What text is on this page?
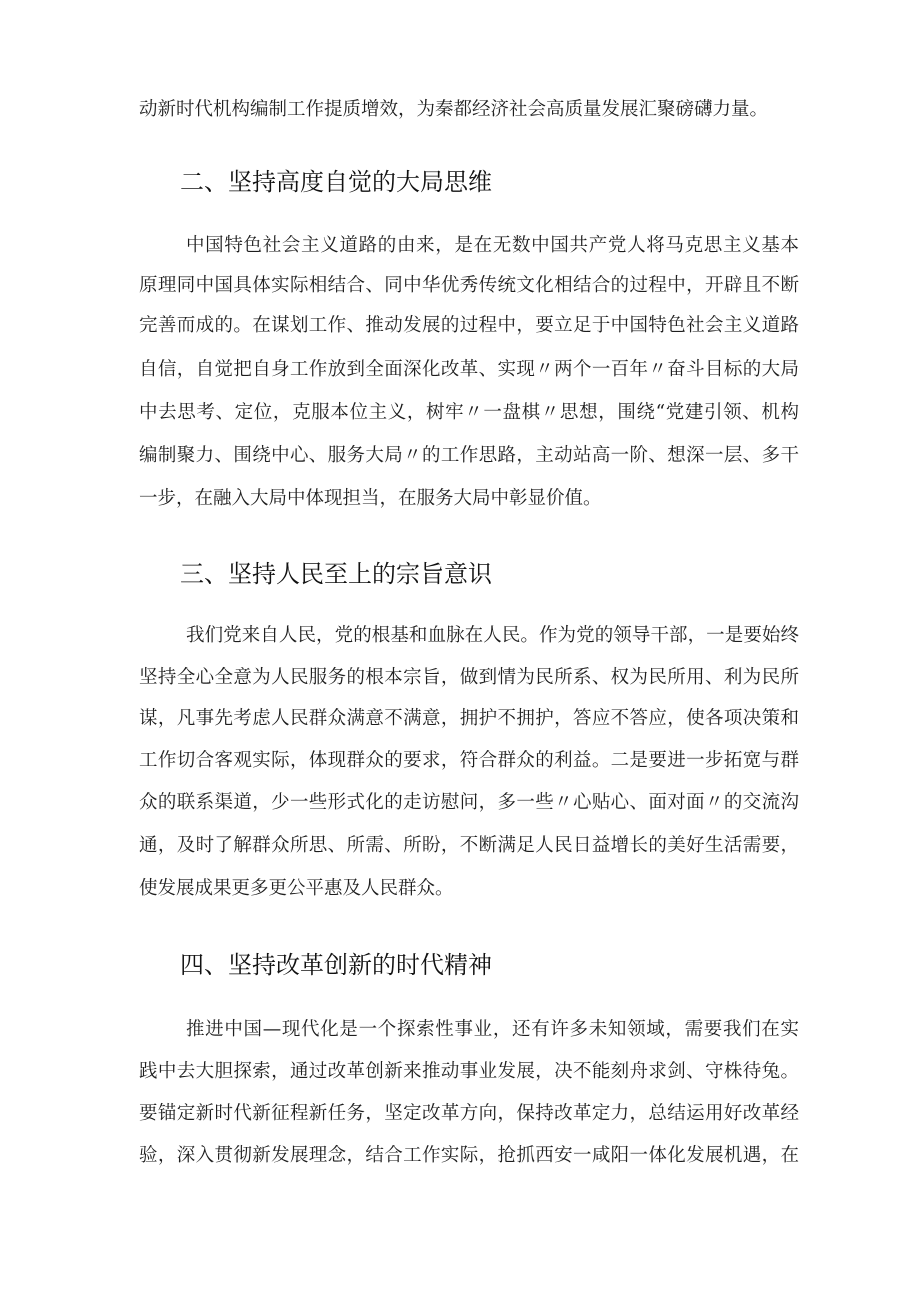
动新时代机构编制工作提质增效，为秦都经济社会高质量发展汇聚磅礴力量。
二、坚持高度自觉的大局思维
中国特色社会主义道路的由来，是在无数中国共产党人将马克思主义基本
原理同中国具体实际相结合、同中华优秀传统文化相结合的过程中，开辟且不断
完善而成的。在谋划工作、推动发展的过程中，要立足于中国特色社会主义道路
自信，自觉把自身工作放到全面深化改革、实现〃两个一百年〃奋斗目标的大局
中去思考、定位，克服本位主义，树牢〃一盘棋〃思想，围绕“党建引领、机构
编制聚力、围绕中心、服务大局〃的工作思路，主动站高一阶、想深一层、多干
一步，在融入大局中体现担当，在服务大局中彰显价值。
三、坚持人民至上的宗旨意识
我们党来自人民，党的根基和血脉在人民。作为党的领导干部，一是要始终
坚持全心全意为人民服务的根本宗旨，做到情为民所系、权为民所用、利为民所
谋，凡事先考虑人民群众满意不满意，拥护不拥护，答应不答应，使各项决策和
工作切合客观实际，体现群众的要求，符合群众的利益。二是要进一步拓宽与群
众的联系渠道，少一些形式化的走访慰问，多一些〃心贴心、面对面〃的交流沟
通，及时了解群众所思、所需、所盼，不断满足人民日益增长的美好生活需要，
使发展成果更多更公平惠及人民群众。
四、坚持改革创新的时代精神
推进中国—现代化是一个探索性事业，还有许多未知领域，需要我们在实
践中去大胆探索，通过改革创新来推动事业发展，决不能刻舟求剑、守株待兔。
要锚定新时代新征程新任务，坚定改革方向，保持改革定力，总结运用好改革经
验，深入贯彻新发展理念，结合工作实际，抢抓西安一咸阳一体化发展机遇，在
